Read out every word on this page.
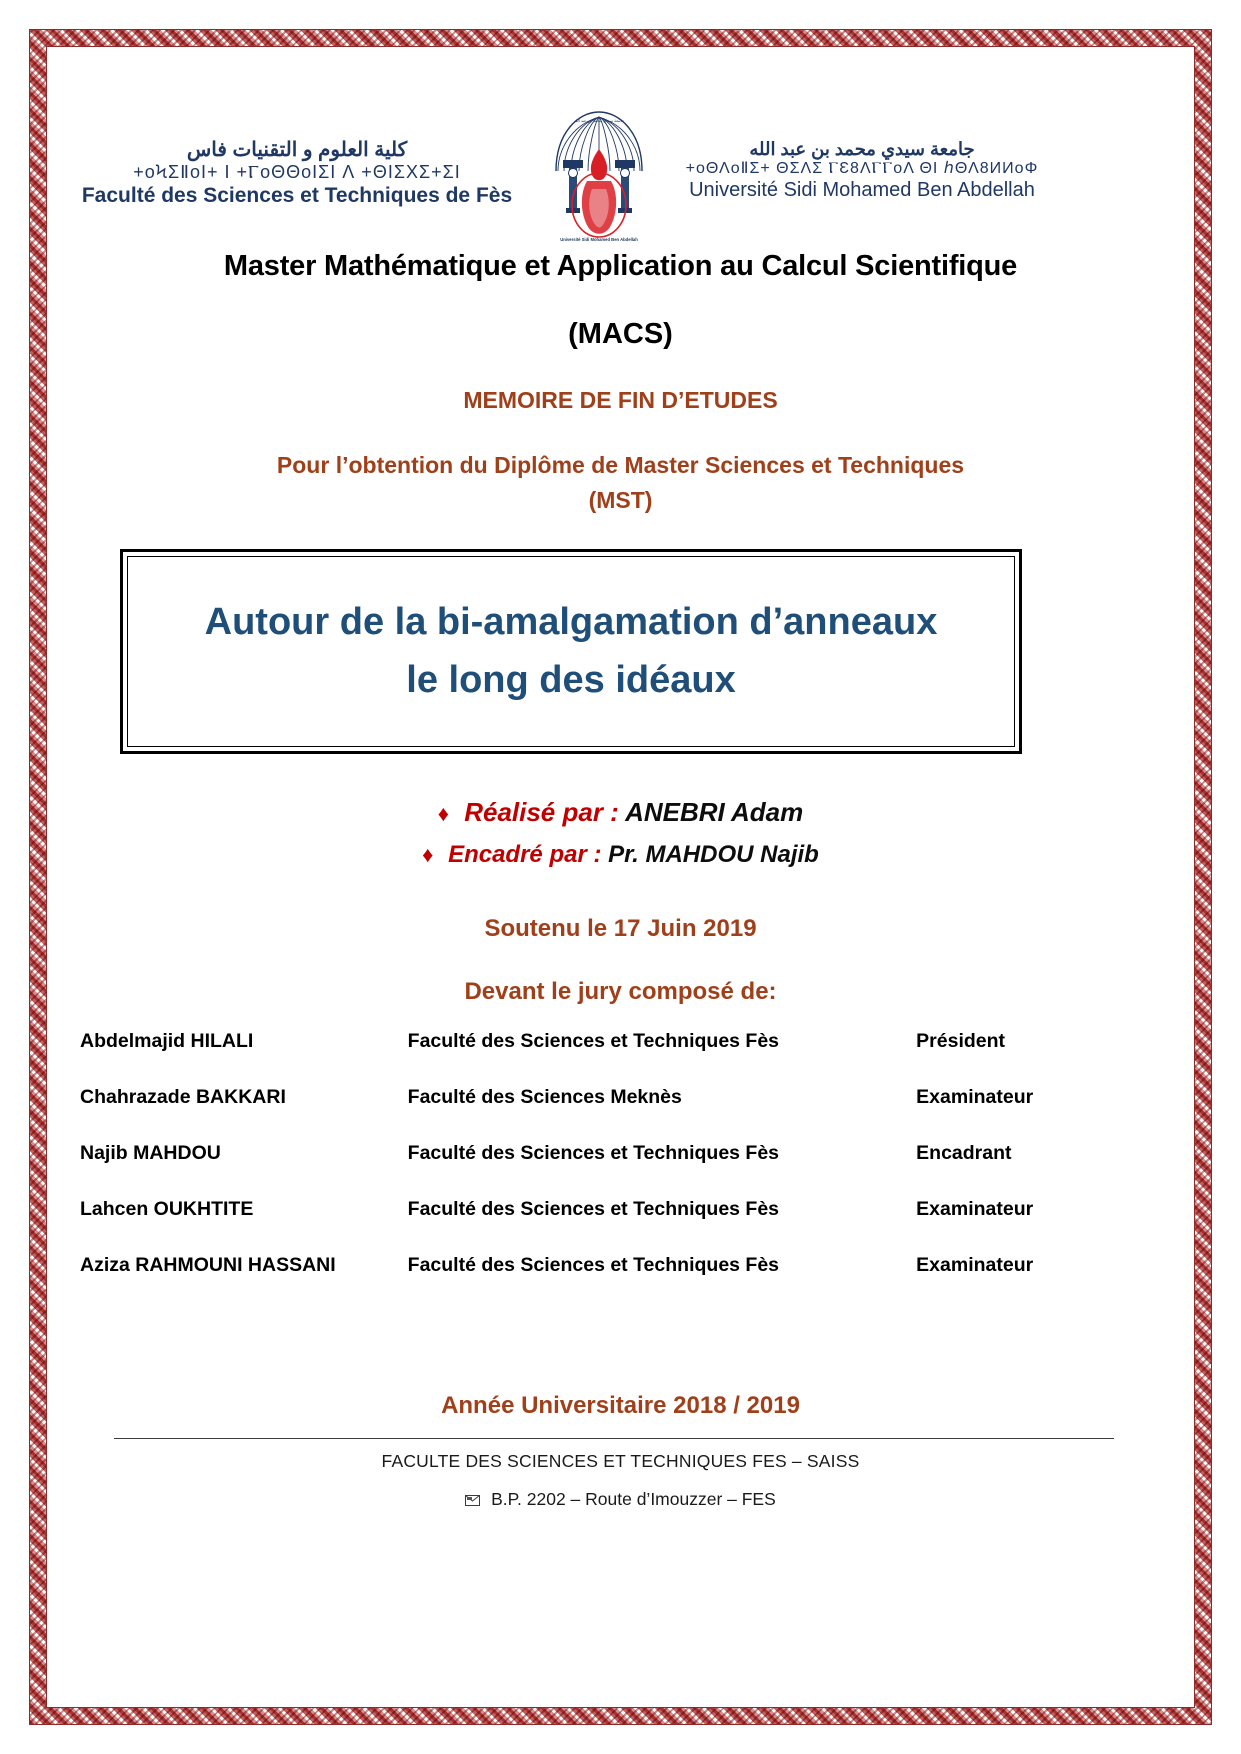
كلية العلوم و التقنيات فاس
+oϞΣⅡoI+ I +ⲄoΘΘoIΣI Ʌ +ΘIΣΧΣ+ΣI
Faculté des Sciences et Techniques de Fès
جامعة سيدي محمد بن عبد الله
Université Sidi Mohamed Ben Abdellah
جامعة سيدي محمد بن عبد الله
+oΘΛoⅡΣ+ ΘΣΛΣ ⲄƐ8ΛⲄⲄoΛ ΘI ℎΘΛ8ИИoΦ
Université Sidi Mohamed Ben Abdellah
Master Mathématique et Application au Calcul Scientifique
(MACS)
MEMOIRE DE FIN D’ETUDES
Pour l’obtention du Diplôme de Master Sciences et Techniques
(MST)
Autour de la bi-amalgamation d’anneaux
le long des idéaux
♦ Réalisé par : ANEBRI Adam
♦ Encadré par : Pr. MAHDOU Najib
Soutenu le 17 Juin 2019
Devant le jury composé de:
Abdelmajid HILALI	Faculté des Sciences et Techniques Fès	Président
Chahrazade BAKKARI	Faculté des Sciences Meknès	Examinateur
Najib MAHDOU	Faculté des Sciences et Techniques Fès	Encadrant
Lahcen OUKHTITE	Faculté des Sciences et Techniques Fès	Examinateur
Aziza RAHMOUNI HASSANI	Faculté des Sciences et Techniques Fès	Examinateur
Année Universitaire 2018 / 2019
FACULTE DES SCIENCES ET TECHNIQUES FES – SAISS
B.P. 2202 – Route d’Imouzzer – FES
